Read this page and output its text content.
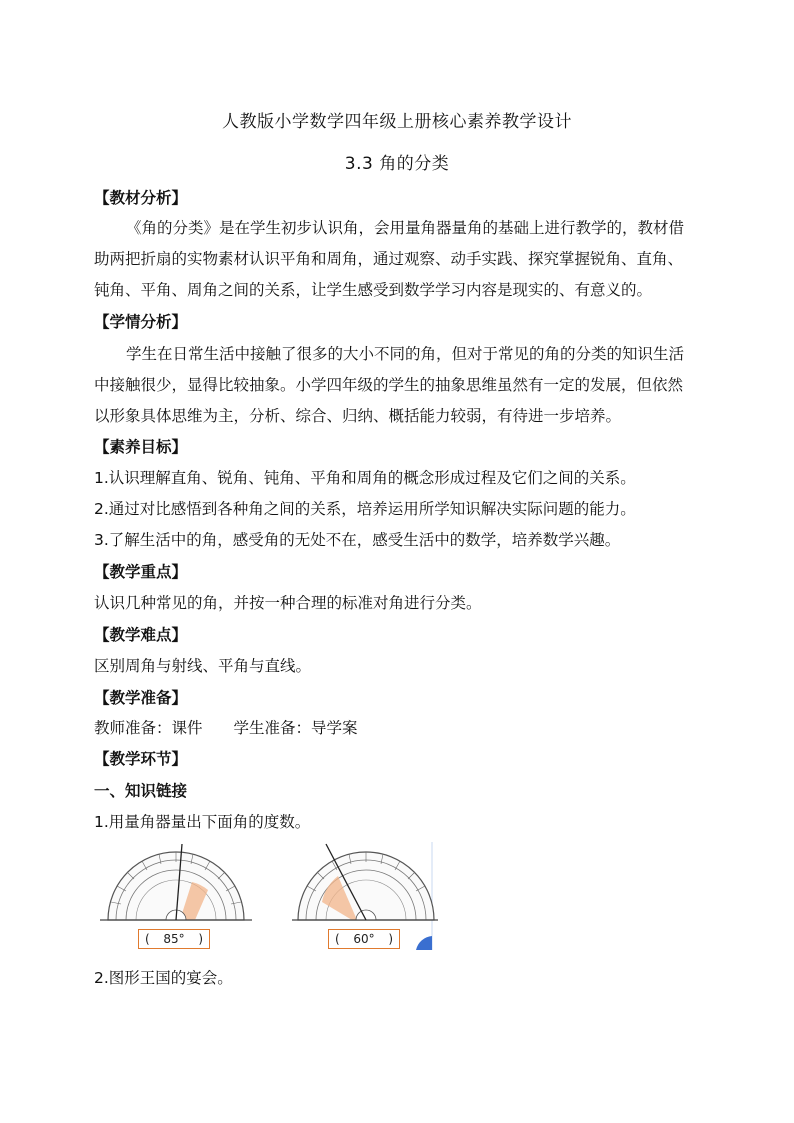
人教版小学数学四年级上册核心素养教学设计
3.3 角的分类
【教材分析】
《角的分类》是在学生初步认识角，会用量角器量角的基础上进行教学的，教材借
助两把折扇的实物素材认识平角和周角，通过观察、动手实践、探究掌握锐角、直角、
钝角、平角、周角之间的关系，让学生感受到数学学习内容是现实的、有意义的。
【学情分析】
学生在日常生活中接触了很多的大小不同的角，但对于常见的角的分类的知识生活
中接触很少，显得比较抽象。小学四年级的学生的抽象思维虽然有一定的发展，但依然
以形象具体思维为主，分析、综合、归纳、概括能力较弱，有待进一步培养。
【素养目标】
1.认识理解直角、锐角、钝角、平角和周角的概念形成过程及它们之间的关系。
2.通过对比感悟到各种角之间的关系，培养运用所学知识解决实际问题的能力。
3.了解生活中的角，感受角的无处不在，感受生活中的数学，培养数学兴趣。
【教学重点】
认识几种常见的角，并按一种合理的标准对角进行分类。
【教学难点】
区别周角与射线、平角与直线。
【教学准备】
教师准备：课件　　学生准备：导学案
【教学环节】
一、知识链接
1.用量角器量出下面角的度数。
(	85°	)	(	60°	)
2.图形王国的宴会。
